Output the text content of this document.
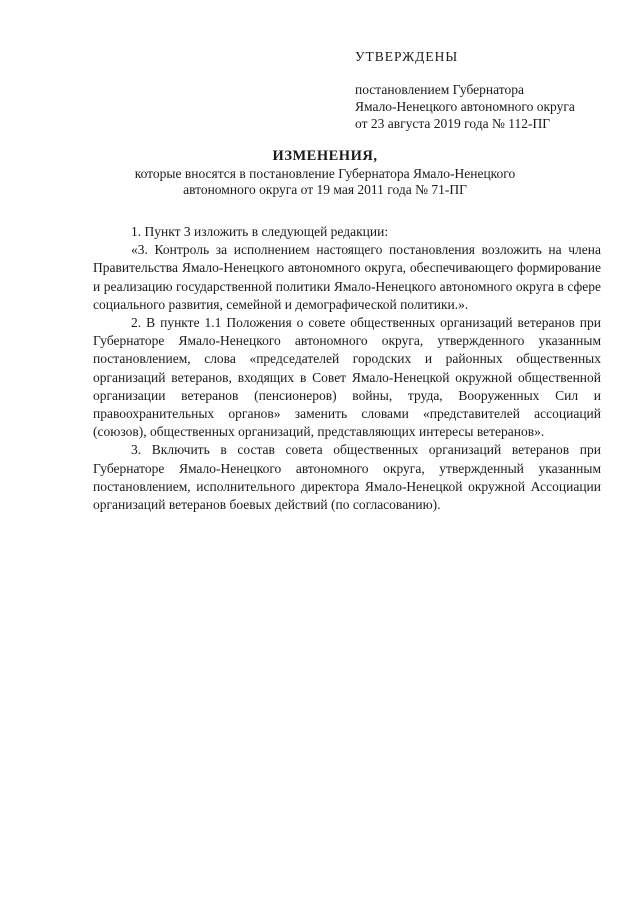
УТВЕРЖДЕНЫ
постановлением Губернатора
Ямало-Ненецкого автономного округа
от 23 августа 2019 года № 112-ПГ
ИЗМЕНЕНИЯ,
которые вносятся в постановление Губернатора Ямало-Ненецкого
автономного округа от 19 мая 2011 года № 71-ПГ

1. Пункт 3 изложить в следующей редакции:

«3. Контроль за исполнением настоящего постановления возложить на члена Правительства Ямало-Ненецкого автономного округа, обеспечивающего формирование и реализацию государственной политики Ямало-Ненецкого автономного округа в сфере социального развития, семейной и демографической политики.».

2. В пункте 1.1 Положения о совете общественных организаций ветеранов при Губернаторе Ямало-Ненецкого автономного округа, утвержденного указанным постановлением, слова «председателей городских и районных общественных организаций ветеранов, входящих в Совет Ямало-Ненецкой окружной общественной организации ветеранов (пенсионеров) войны, труда, Вооруженных Сил и правоохранительных органов» заменить словами «представителей ассоциаций (союзов), общественных организаций, представляющих интересы ветеранов».

3. Включить в состав совета общественных организаций ветеранов при Губернаторе Ямало-Ненецкого автономного округа, утвержденный указанным постановлением, исполнительного директора Ямало-Ненецкой окружной Ассоциации организаций ветеранов боевых действий (по согласованию).
